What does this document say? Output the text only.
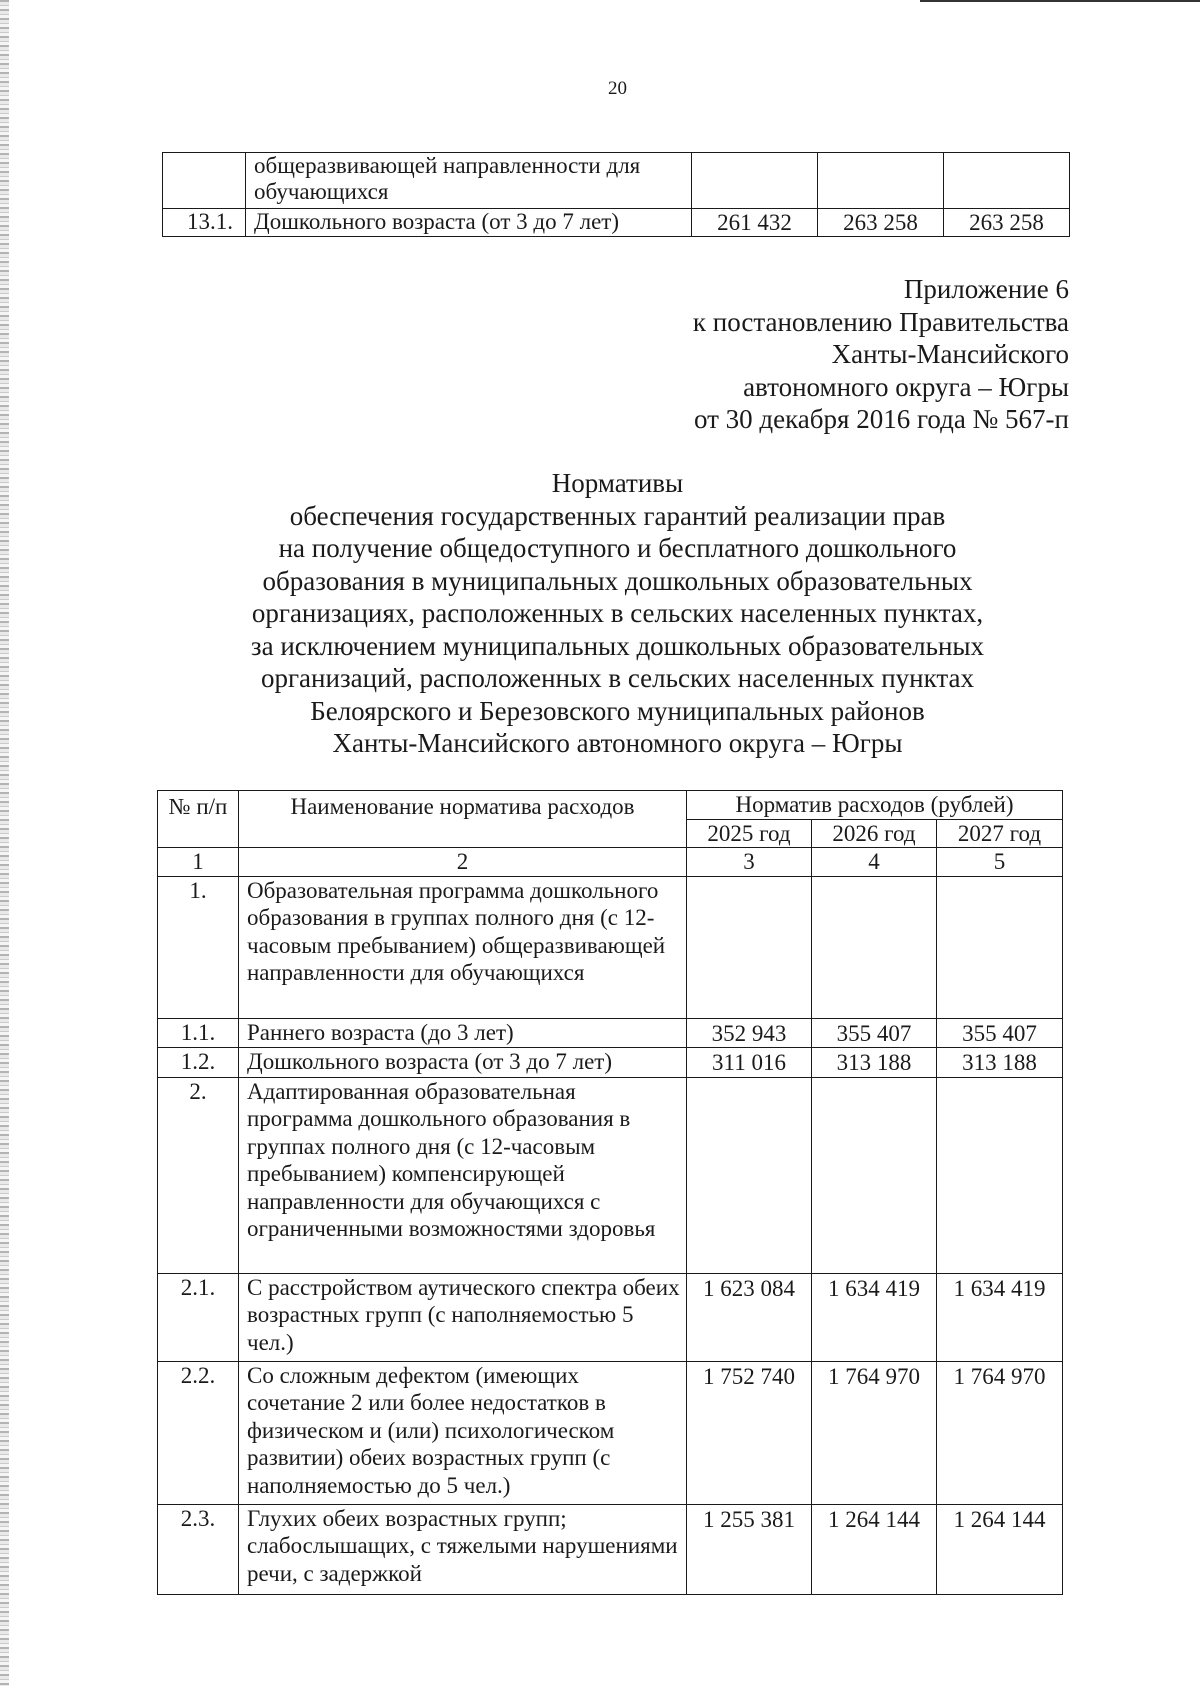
20
	общеразвивающей направленности для обучающихся			
13.1.	Дошкольного возраста (от 3 до 7 лет)	261 432	263 258	263 258
Приложение 6
к постановлению Правительства
Ханты-Мансийского
автономного округа – Югры
от 30 декабря 2016 года № 567-п
Нормативы
обеспечения государственных гарантий реализации прав
на получение общедоступного и бесплатного дошкольного
образования в муниципальных дошкольных образовательных
организациях, расположенных в сельских населенных пунктах,
за исключением муниципальных дошкольных образовательных
организаций, расположенных в сельских населенных пунктах
Белоярского и Березовского муниципальных районов
Ханты-Мансийского автономного округа – Югры
№ п/п	Наименование норматива расходов	Норматив расходов (рублей)		
		2025 год	2026 год	2027 год
1	2	3	4	5
1.	Образовательная программа дошкольного образования в группах полного дня (с 12-часовым пребыванием) общеразвивающей направленности для обучающихся			
1.1.	Раннего возраста (до 3 лет)	352 943	355 407	355 407
1.2.	Дошкольного возраста (от 3 до 7 лет)	311 016	313 188	313 188
2.	Адаптированная образовательная программа дошкольного образования в группах полного дня (с 12-часовым пребыванием) компенсирующей направленности для обучающихся с ограниченными возможностями здоровья			
2.1.	С расстройством аутического спектра обеих возрастных групп (с наполняемостью 5 чел.)	1 623 084	1 634 419	1 634 419
2.2.	Со сложным дефектом (имеющих сочетание 2 или более недостатков в физическом и (или) психологическом развитии) обеих возрастных групп (с наполняемостью до 5 чел.)	1 752 740	1 764 970	1 764 970
2.3.	Глухих обеих возрастных групп; слабослышащих, с тяжелыми нарушениями речи, с задержкой	1 255 381	1 264 144	1 264 144
